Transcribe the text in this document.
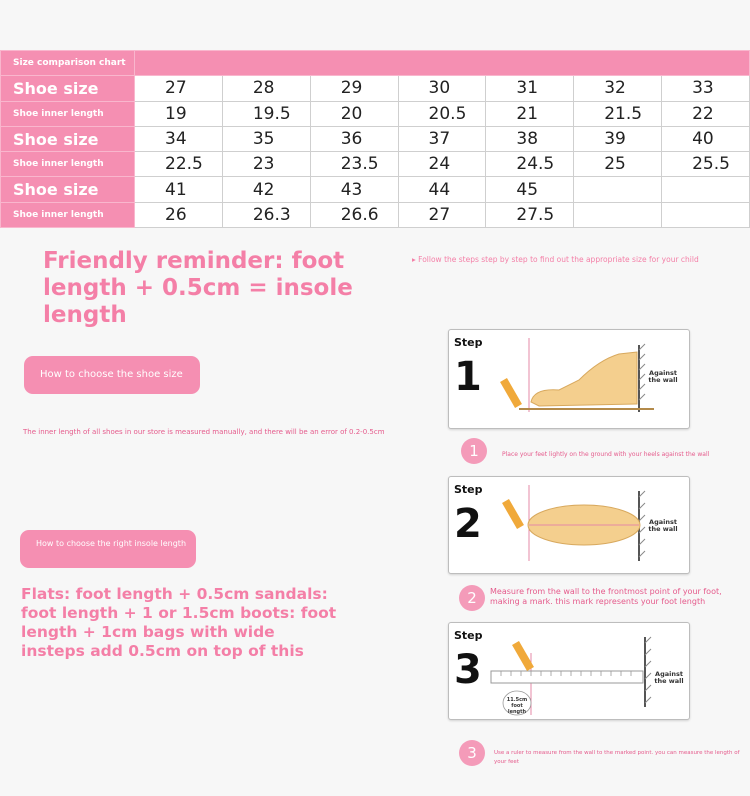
Size comparison chart							
Shoe size	27	28	29	30	31	32	33
Shoe inner length	19	19.5	20	20.5	21	21.5	22
Shoe size	34	35	36	37	38	39	40
Shoe inner length	22.5	23	23.5	24	24.5	25	25.5
Shoe size	41	42	43	44	45		
Shoe inner length	26	26.3	26.6	27	27.5		
Friendly reminder: foot length + 0.5cm = insole length
▸ Follow the steps step by step to find out the appropriate size for your child
How to choose the shoe size
The inner length of all shoes in our store is measured manually, and there will be an error of 0.2-0.5cm
How to choose the right insole length
Flats: foot length + 0.5cm sandals: foot length + 1 or 1.5cm boots: foot length + 1cm bags with wide insteps add 0.5cm on top of this
Step
1	Against the wall
1	Place your feet lightly on the ground with your heels against the wall
Step
2	Against the wall
2	Measure from the wall to the frontmost point of your foot, making a mark. this mark represents your foot length
Step
3	Against the wall
11.5cm foot length
3	Use a ruler to measure from the wall to the marked point. you can measure the length of your feet
